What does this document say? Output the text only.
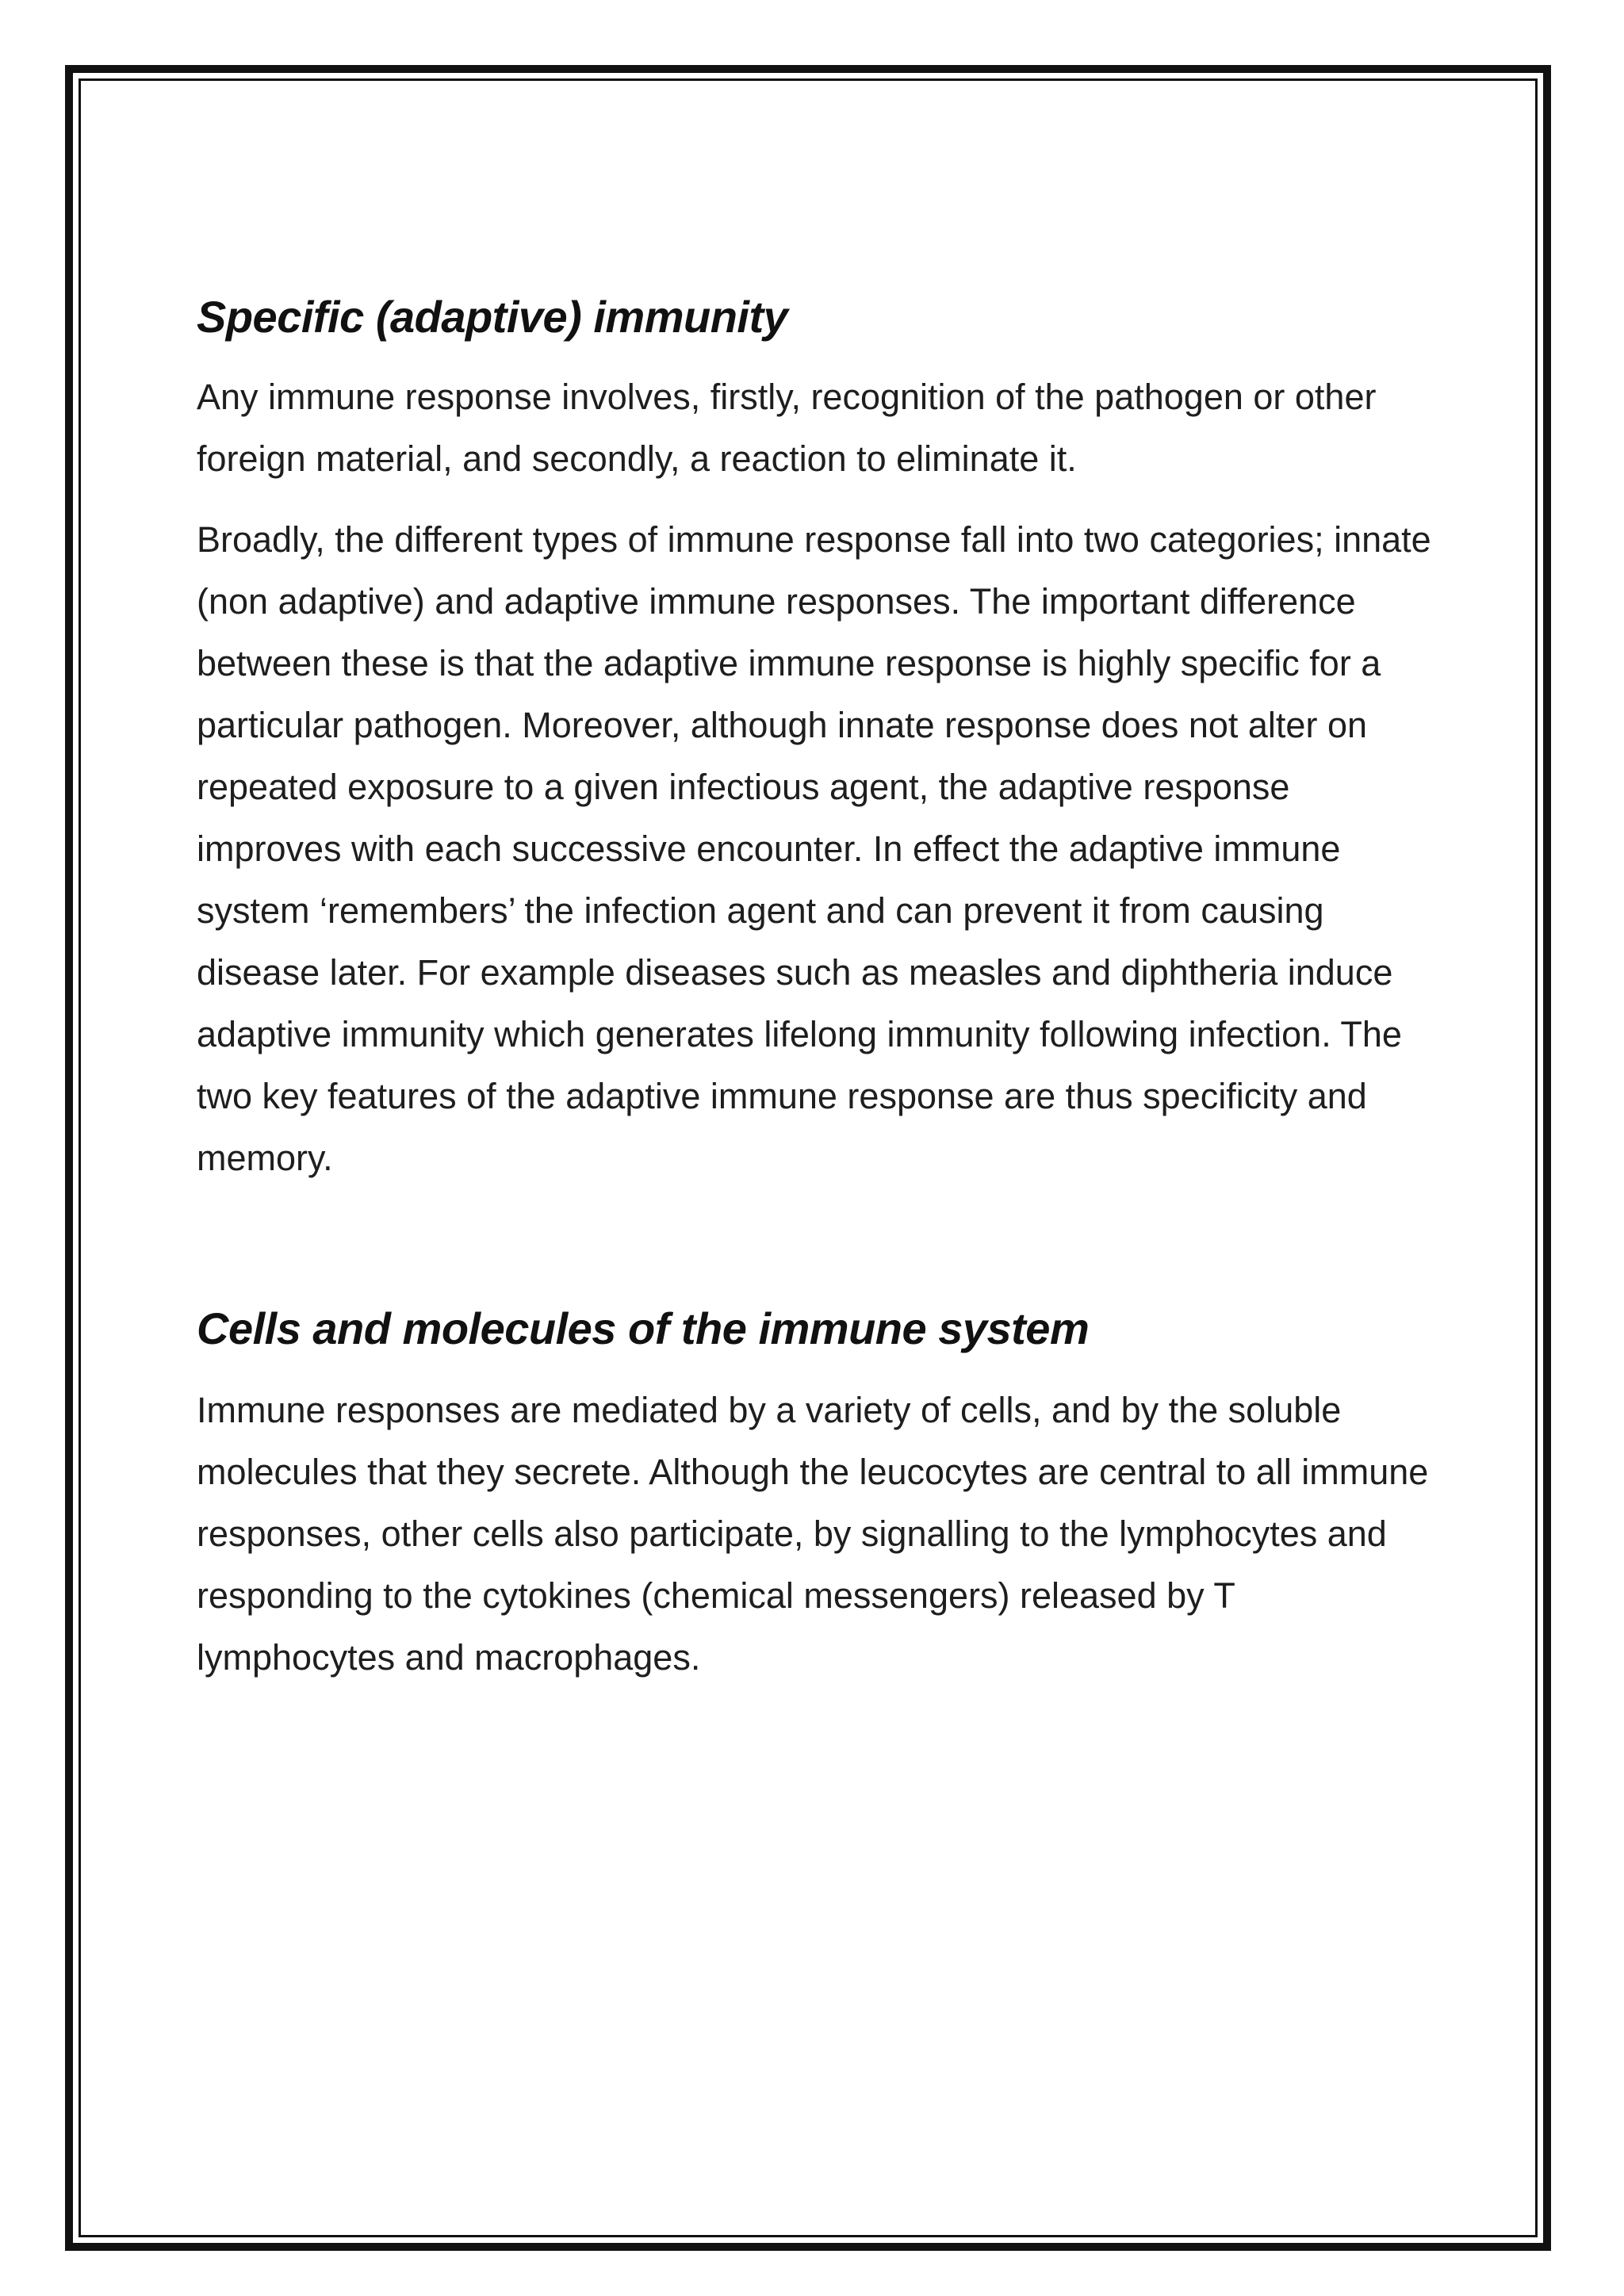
Specific (adaptive) immunity

Any immune response involves, firstly, recognition of the pathogen or other foreign material, and secondly, a reaction to eliminate it.

Broadly, the different types of immune response fall into two categories; innate (non adaptive) and adaptive immune responses. The important difference between these is that the adaptive immune response is highly specific for a particular pathogen. Moreover, although innate response does not alter on repeated exposure to a given infectious agent, the adaptive response improves with each successive encounter. In effect the adaptive immune system ‘remembers’ the infection agent and can prevent it from causing disease later. For example diseases such as measles and diphtheria induce adaptive immunity which generates lifelong immunity following infection. The two key features of the adaptive immune response are thus specificity and memory.

Cells and molecules of the immune system

Immune responses are mediated by a variety of cells, and by the soluble molecules that they secrete. Although the leucocytes are central to all immune responses, other cells also participate, by signalling to the lymphocytes and responding to the cytokines (chemical messengers) released by T lymphocytes and macrophages.
